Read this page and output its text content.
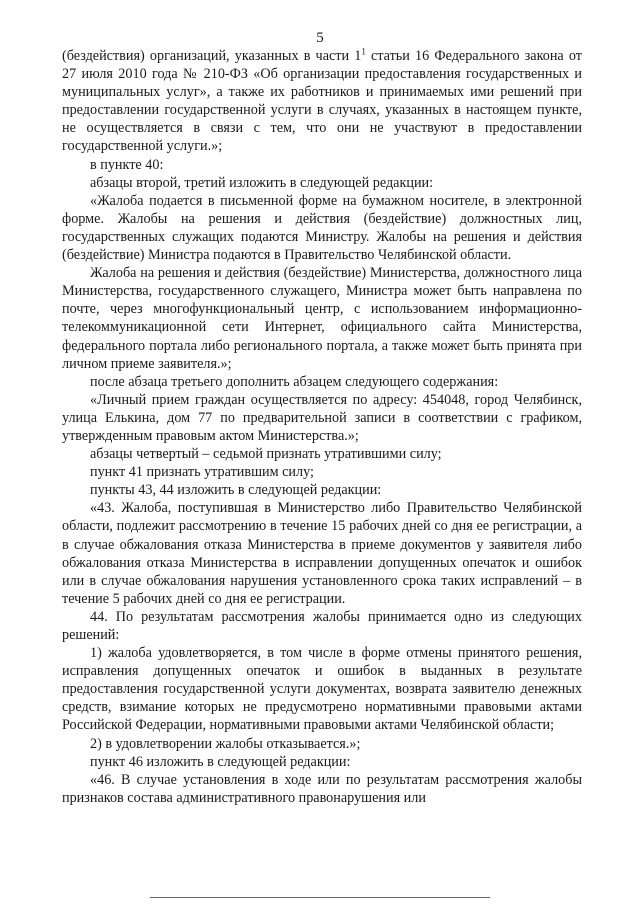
5

(бездействия) организаций, указанных в части $1^1$ статьи 16 Федерального закона от 27 июля 2010 года № 210-ФЗ «Об организации предоставления государственных и муниципальных услуг», а также их работников и принимаемых ими решений при предоставлении государственной услуги в случаях, указанных в настоящем пункте, не осуществляется в связи с тем, что они не участвуют в предоставлении государственной услуги.»;

в пункте 40:

абзацы второй, третий изложить в следующей редакции:

«Жалоба подается в письменной форме на бумажном носителе, в электронной форме. Жалобы на решения и действия (бездействие) должностных лиц, государственных служащих подаются Министру. Жалобы на решения и действия (бездействие) Министра подаются в Правительство Челябинской области.

Жалоба на решения и действия (бездействие) Министерства, должностного лица Министерства, государственного служащего, Министра может быть направлена по почте, через многофункциональный центр, с использованием информационно-телекоммуникационной сети Интернет, официального сайта Министерства, федерального портала либо регионального портала, а также может быть принята при личном приеме заявителя.»;

после абзаца третьего дополнить абзацем следующего содержания:

«Личный прием граждан осуществляется по адресу: 454048, город Челябинск, улица Елькина, дом 77 по предварительной записи в соответствии с графиком, утвержденным правовым актом Министерства.»;

абзацы четвертый – седьмой признать утратившими силу;

пункт 41 признать утратившим силу;

пункты 43, 44 изложить в следующей редакции:

«43. Жалоба, поступившая в Министерство либо Правительство Челябинской области, подлежит рассмотрению в течение 15 рабочих дней со дня ее регистрации, а в случае обжалования отказа Министерства в приеме документов у заявителя либо обжалования отказа Министерства в исправлении допущенных опечаток и ошибок или в случае обжалования нарушения установленного срока таких исправлений – в течение 5 рабочих дней со дня ее регистрации.

44. По результатам рассмотрения жалобы принимается одно из следующих решений:

1) жалоба удовлетворяется, в том числе в форме отмены принятого решения, исправления допущенных опечаток и ошибок в выданных в результате предоставления государственной услуги документах, возврата заявителю денежных средств, взимание которых не предусмотрено нормативными правовыми актами Российской Федерации, нормативными правовыми актами Челябинской области;

2) в удовлетворении жалобы отказывается.»;

пункт 46 изложить в следующей редакции:

«46. В случае установления в ходе или по результатам рассмотрения жалобы признаков состава административного правонарушения или
